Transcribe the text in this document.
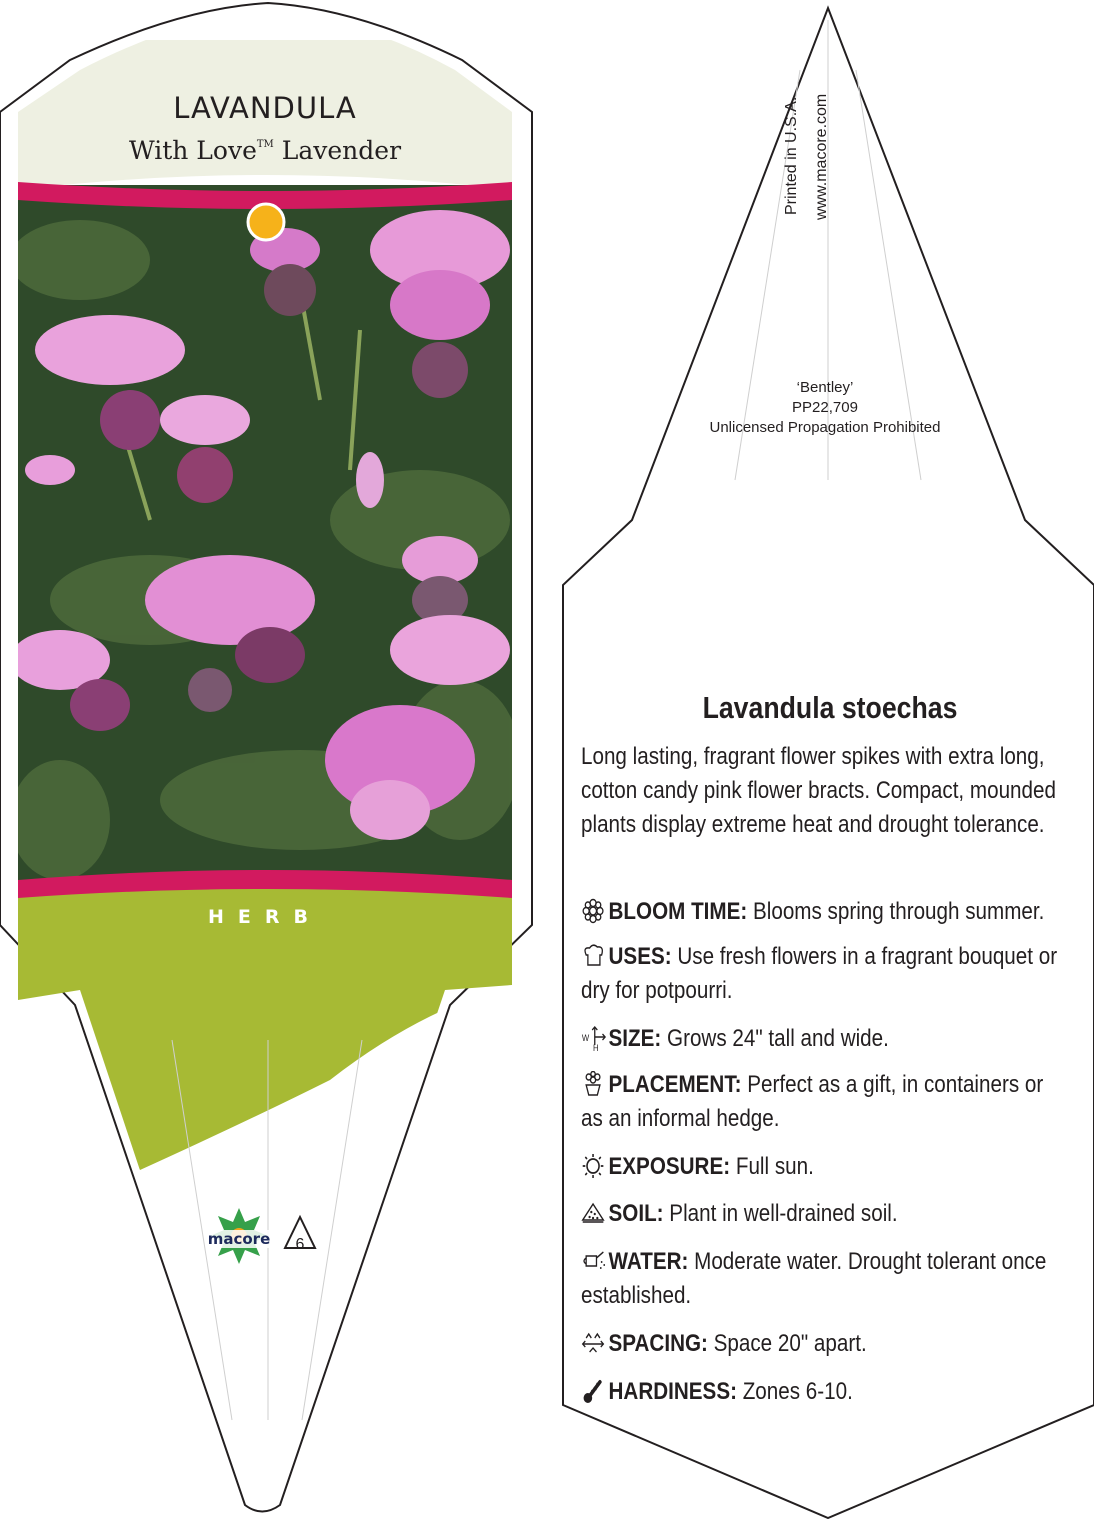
LAVANDULA
With Love™ Lavender
HERB
macore	6
Printed in U.S.A. www.macore.com
‘Bentley’
PP22,709
Unlicensed Propagation Prohibited
Lavandula stoechas
Long lasting, fragrant flower spikes with extra long, cotton candy pink flower bracts. Compact, mounded plants display extreme heat and drought tolerance.
BLOOM TIME: Blooms spring through summer.
USES: Use fresh flowers in a fragrant bouquet or dry for potpourri.
W
H SIZE: Grows 24" tall and wide.
PLACEMENT: Perfect as a gift, in containers or as an informal hedge.
EXPOSURE: Full sun.
SOIL: Plant in well-drained soil.
WATER: Moderate water. Drought tolerant once established.
SPACING: Space 20" apart.
HARDINESS: Zones 6-10.
